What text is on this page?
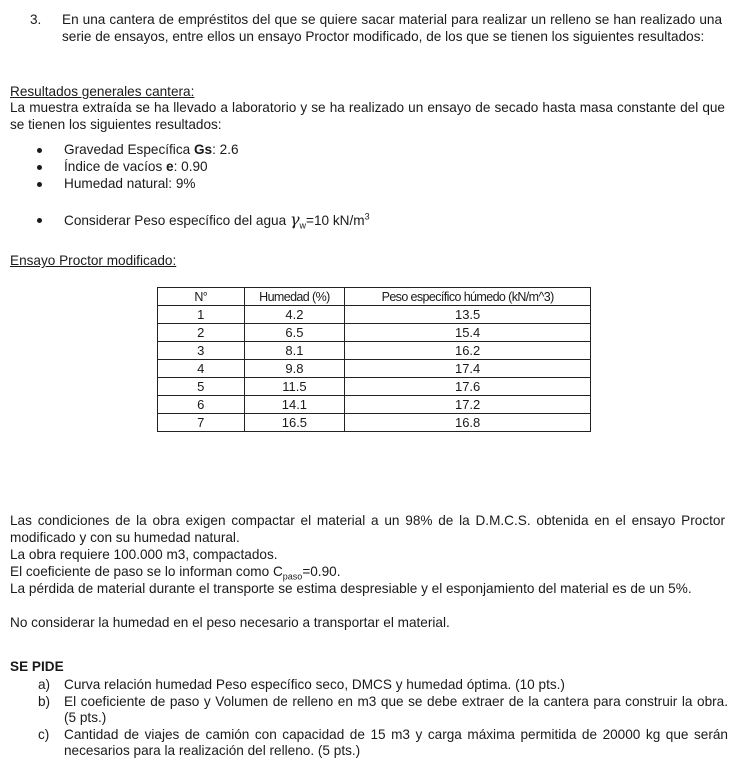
3. En una cantera de empréstitos del que se quiere sacar material para realizar un relleno se han realizado una serie de ensayos, entre ellos un ensayo Proctor modificado, de los que se tienen los siguientes resultados:
Resultados generales cantera:
La muestra extraída se ha llevado a laboratorio y se ha realizado un ensayo de secado hasta masa constante del que se tienen los siguientes resultados:
Gravedad Específica Gs: 2.6
Índice de vacíos e: 0.90
Humedad natural: 9%
Considerar Peso específico del agua $\gamma_w=10$ $kN/m^3$
Ensayo Proctor modificado:
N°	Humedad (%)	Peso específico húmedo (kN/m^3)
1	4.2	13.5
2	6.5	15.4
3	8.1	16.2
4	9.8	17.4
5	11.5	17.6
6	14.1	17.2
7	16.5	16.8
Las condiciones de la obra exigen compactar el material a un 98% de la D.M.C.S. obtenida en el ensayo Proctor modificado y con su humedad natural.
La obra requiere 100.000 m3, compactados.
El coeficiente de paso se lo informan como $C_{paso}=0.90$.
La pérdida de material durante el transporte se estima despresiable y el esponjamiento del material es de un 5%.
No considerar la humedad en el peso necesario a transportar el material.
SE PIDE
a) Curva relación humedad Peso específico seco, DMCS y humedad óptima. (10 pts.)
b) El coeficiente de paso y Volumen de relleno en m3 que se debe extraer de la cantera para construir la obra. (5 pts.)
c) Cantidad de viajes de camión con capacidad de 15 m3 y carga máxima permitida de 20000 kg que serán necesarios para la realización del relleno. (5 pts.)
